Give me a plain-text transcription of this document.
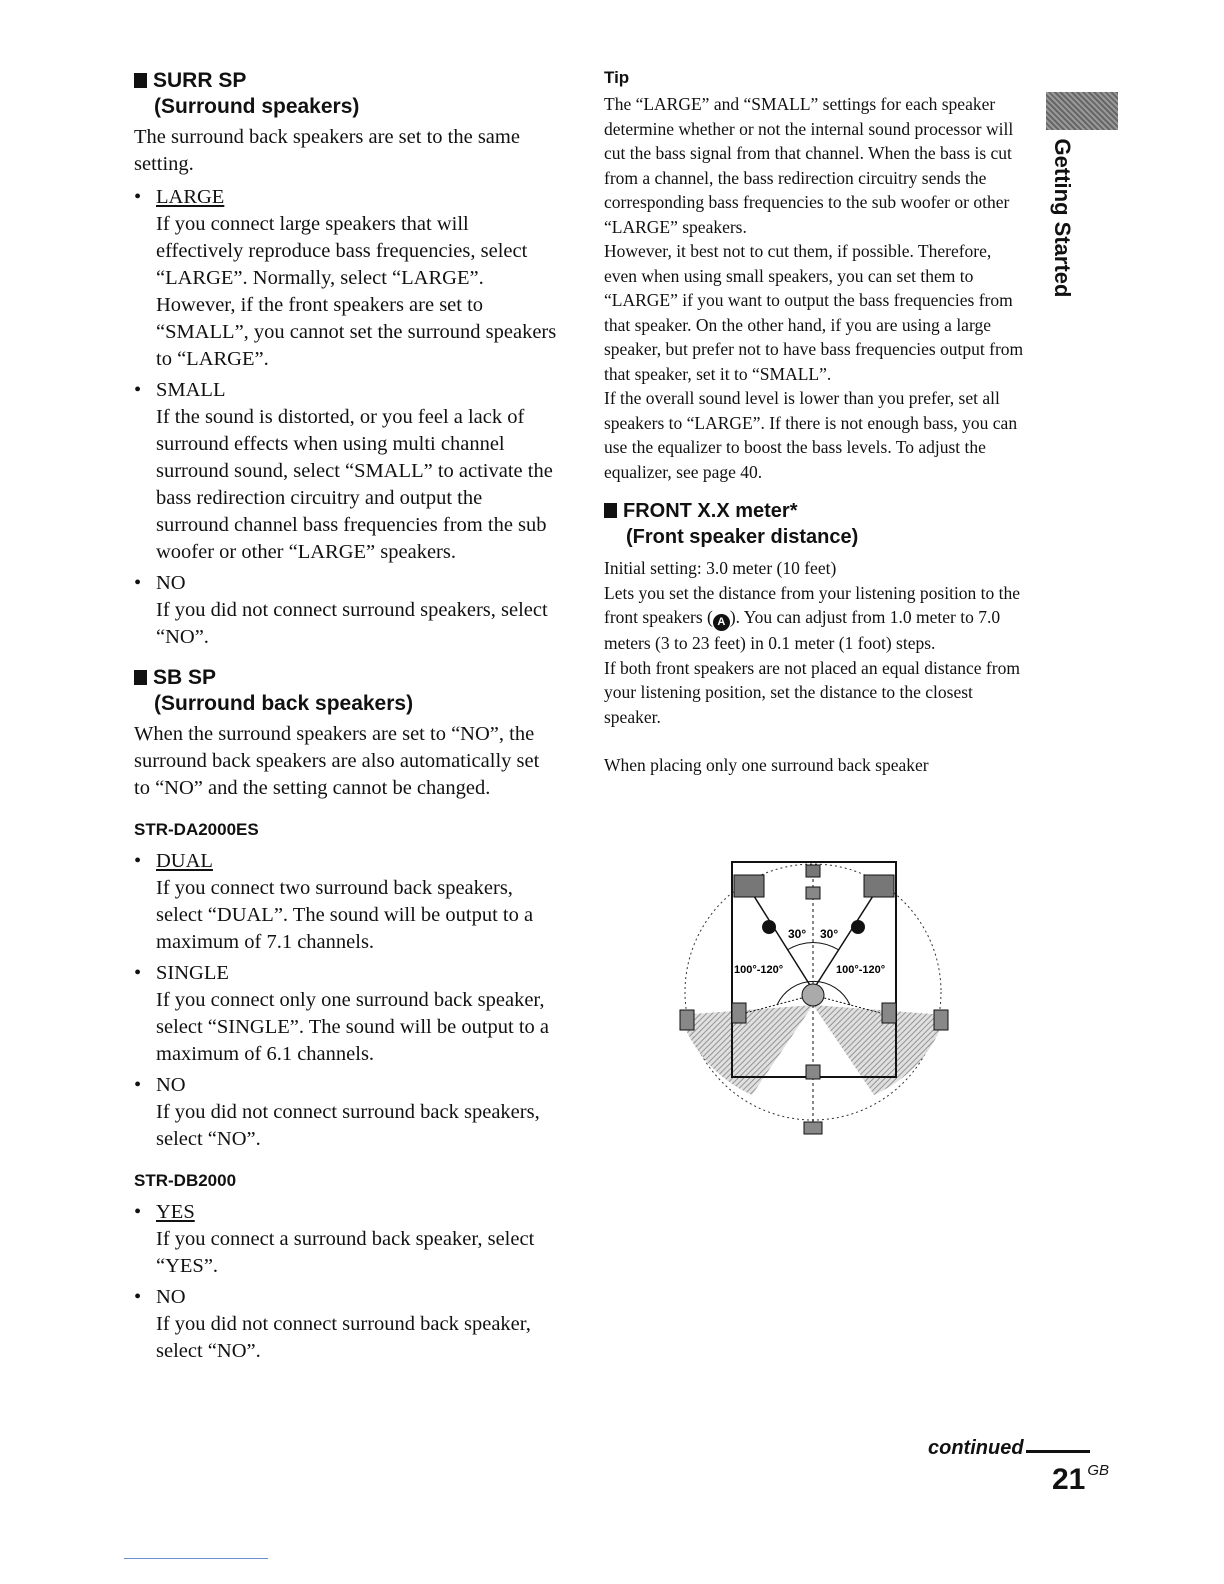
SURR SP
(Surround speakers)
The surround back speakers are set to the same setting.
• LARGE
If you connect large speakers that will effectively reproduce bass frequencies, select “LARGE”. Normally, select “LARGE”. However, if the front speakers are set to “SMALL”, you cannot set the surround speakers to “LARGE”.
• SMALL
If the sound is distorted, or you feel a lack of surround effects when using multi channel surround sound, select “SMALL” to activate the bass redirection circuitry and output the surround channel bass frequencies from the sub woofer or other “LARGE” speakers.
• NO
If you did not connect surround speakers, select “NO”.
SB SP
(Surround back speakers)
When the surround speakers are set to “NO”, the surround back speakers are also automatically set to “NO” and the setting cannot be changed.
STR-DA2000ES
• DUAL
If you connect two surround back speakers, select “DUAL”. The sound will be output to a maximum of 7.1 channels.
• SINGLE
If you connect only one surround back speaker, select “SINGLE”. The sound will be output to a maximum of 6.1 channels.
• NO
If you did not connect surround back speakers, select “NO”.
STR-DB2000
• YES
If you connect a surround back speaker, select “YES”.
• NO
If you did not connect surround back speaker, select “NO”.
Tip

The “LARGE” and “SMALL” settings for each speaker determine whether or not the internal sound processor will cut the bass signal from that channel. When the bass is cut from a channel, the bass redirection circuitry sends the corresponding bass frequencies to the sub woofer or other “LARGE” speakers.

However, it best not to cut them, if possible. Therefore, even when using small speakers, you can set them to “LARGE” if you want to output the bass frequencies from that speaker. On the other hand, if you are using a large speaker, but prefer not to have bass frequencies output from that speaker, set it to “SMALL”.

If the overall sound level is lower than you prefer, set all speakers to “LARGE”. If there is not enough bass, you can use the equalizer to boost the bass levels. To adjust the equalizer, see page 40.

FRONT X.X meter*
(Front speaker distance)

Initial setting: 3.0 meter (10 feet)

Lets you set the distance from your listening position to the front speakers ( A ). You can adjust from 1.0 meter to 7.0 meters (3 to 23 feet) in 0.1 meter (1 foot) steps.

If both front speakers are not placed an equal distance from your listening position, set the distance to the closest speaker.

When placing only one surround back speaker
30° 30°
100°-120°	100°-120°
Getting Started
continued
21 $^{GB}$
